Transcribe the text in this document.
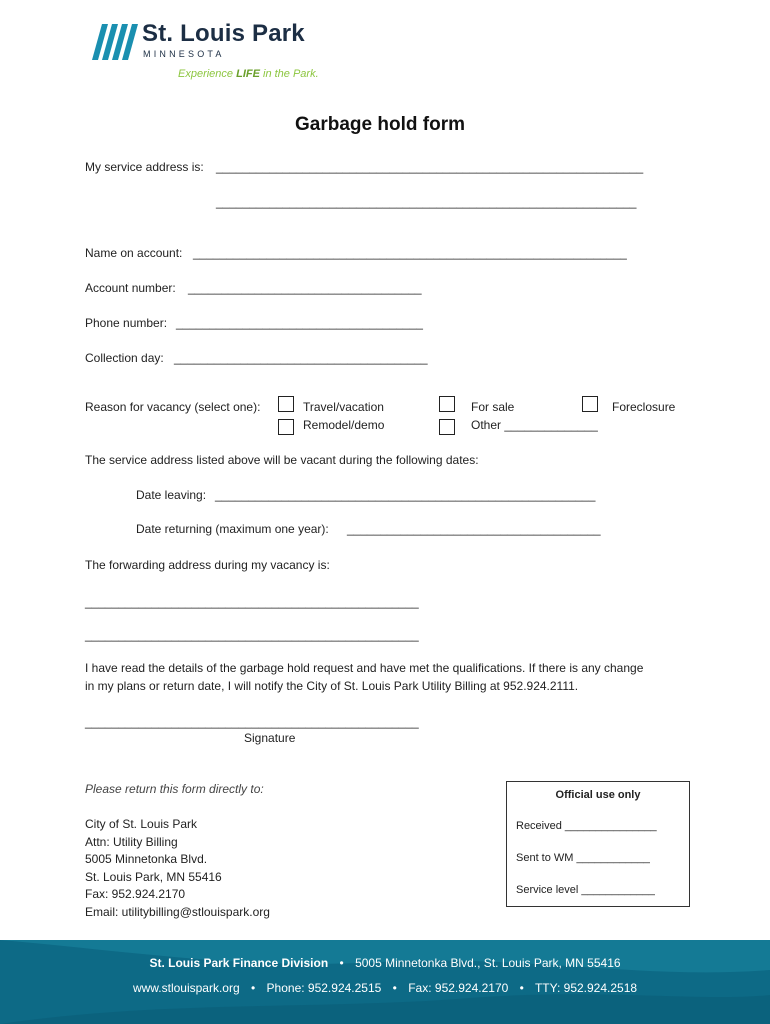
St. Louis Park
MINNESOTA
Experience LIFE in the Park.
Garbage hold form
My service address is: ________________________________________________________________
_______________________________________________________________
Name on account: _________________________________________________________________
Account number: ___________________________________
Phone number: _____________________________________
Collection day: ______________________________________
Reason for vacancy (select one):	Travel/vacation
Remodel/demo
For sale
Other ______________
Foreclosure
The service address listed above will be vacant during the following dates:
Date leaving: _________________________________________________________
Date returning (maximum one year): ______________________________________
The forwarding address during my vacancy is:
__________________________________________________
__________________________________________________
I have read the details of the garbage hold request and have met the qualifications. If there is any change
in my plans or return date, I will notify the City of St. Louis Park Utility Billing at 952.924.2111.
__________________________________________________
Signature
Please return this form directly to:
City of St. Louis Park
Attn: Utility Billing
5005 Minnetonka Blvd.
St. Louis Park, MN 55416
Fax: 952.924.2170
Email: utilitybilling@stlouispark.org
Official use only
Received _______________
Sent to WM ____________
Service level ____________
St. Louis Park Finance Division • 5005 Minnetonka Blvd., St. Louis Park, MN 55416
www.stlouispark.org • Phone: 952.924.2515 • Fax: 952.924.2170 • TTY: 952.924.2518
